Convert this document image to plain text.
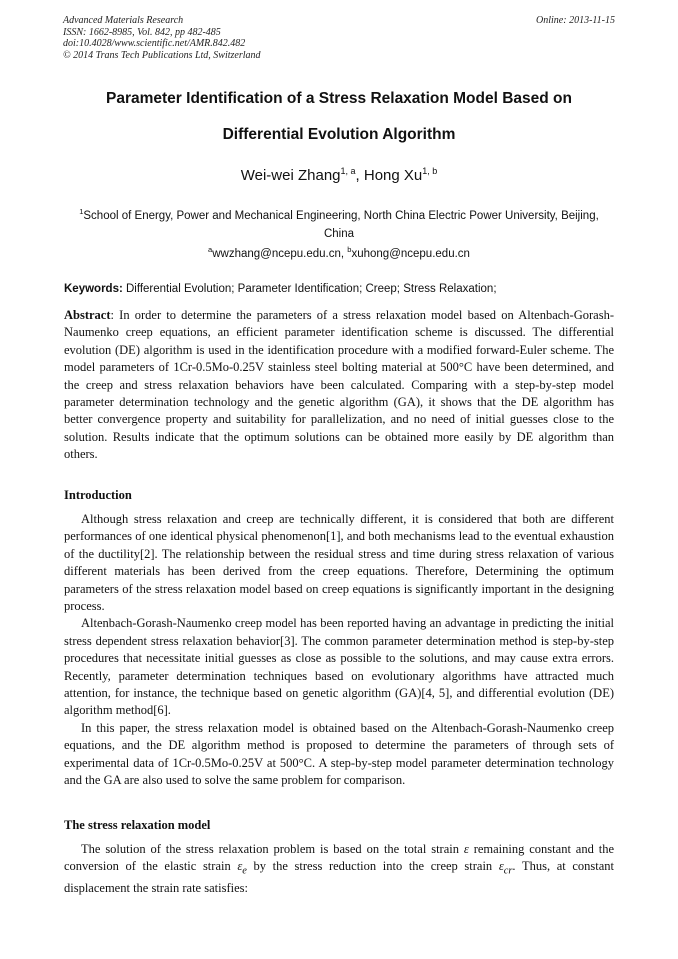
Advanced Materials Research
ISSN: 1662-8985, Vol. 842, pp 482-485
doi:10.4028/www.scientific.net/AMR.842.482
© 2014 Trans Tech Publications Ltd, Switzerland
Online: 2013-11-15
Parameter Identification of a Stress Relaxation Model Based on
Differential Evolution Algorithm
Wei-wei Zhang$^{1, a}$, Hong Xu$^{1, b}$
$^1$School of Energy, Power and Mechanical Engineering, North China Electric Power University, Beijing, China
$^a$wwzhang@ncepu.edu.cn, $^b$xuhong@ncepu.edu.cn
Keywords: Differential Evolution; Parameter Identification; Creep; Stress Relaxation;

Abstract: In order to determine the parameters of a stress relaxation model based on Altenbach-Gorash-Naumenko creep equations, an efficient parameter identification scheme is discussed. The differential evolution (DE) algorithm is used in the identification procedure with a modified forward-Euler scheme. The model parameters of 1Cr-0.5Mo-0.25V stainless steel bolting material at 500°C have been determined, and the creep and stress relaxation behaviors have been calculated. Comparing with a step-by-step model parameter determination technology and the genetic algorithm (GA), it shows that the DE algorithm has better convergence property and suitability for parallelization, and no need of initial guesses close to the solution. Results indicate that the optimum solutions can be obtained more easily by DE algorithm than others.

Introduction

Although stress relaxation and creep are technically different, it is considered that both are different performances of one identical physical phenomenon[1], and both mechanisms lead to the eventual exhaustion of the ductility[2]. The relationship between the residual stress and time during stress relaxation of various different materials has been derived from the creep equations. Therefore, Determining the optimum parameters of the stress relaxation model based on creep equations is significantly important in the designing process.

Altenbach-Gorash-Naumenko creep model has been reported having an advantage in predicting the initial stress dependent stress relaxation behavior[3]. The common parameter determination method is step-by-step procedures that necessitate initial guesses as close as possible to the solutions, and may cause extra errors. Recently, parameter determination techniques based on evolutionary algorithms have attracted much attention, for instance, the technique based on genetic algorithm (GA)[4, 5], and differential evolution (DE) algorithm method[6].

In this paper, the stress relaxation model is obtained based on the Altenbach-Gorash-Naumenko creep equations, and the DE algorithm method is proposed to determine the parameters of through sets of experimental data of 1Cr-0.5Mo-0.25V at 500°C. A step-by-step model parameter determination technology and the GA are also used to solve the same problem for comparison.

The stress relaxation model

The solution of the stress relaxation problem is based on the total strain ε remaining constant and the conversion of the elastic strain $\varepsilon_e$ by the stress reduction into the creep strain $\varepsilon_{cr}$. Thus, at constant displacement the strain rate satisfies:
